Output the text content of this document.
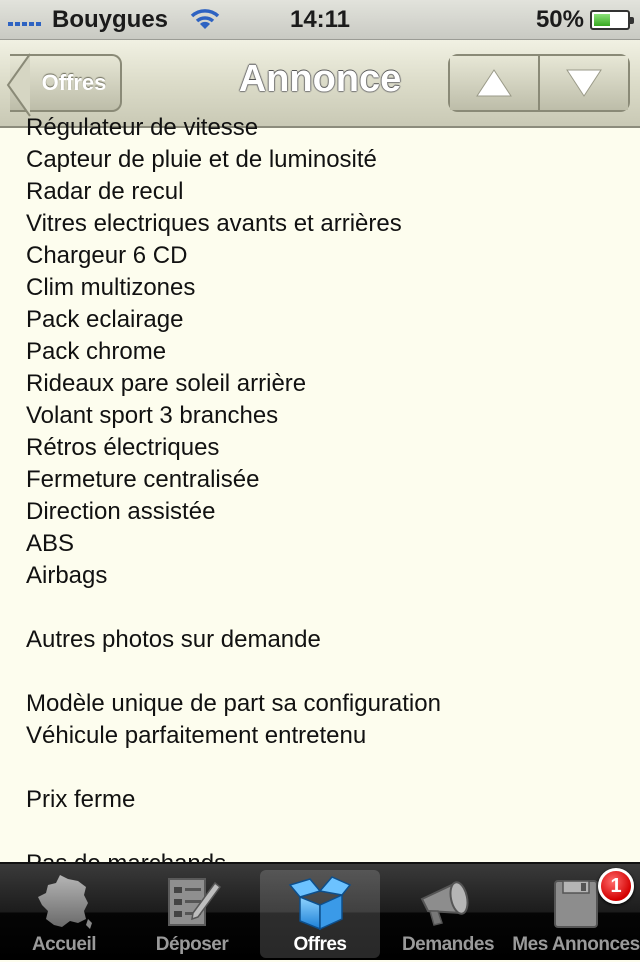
Bouygues	14:11	50%
Offres	Annonce
Régulateur de vitesse
Capteur de pluie et de luminosité
Radar de recul
Vitres electriques avants et arrières
Chargeur 6 CD
Clim multizones
Pack eclairage
Pack chrome
Rideaux pare soleil arrière
Volant sport 3 branches
Rétros électriques
Fermeture centralisée
Direction assistée
ABS
Airbags
Autres photos sur demande
Modèle unique de part sa configuration
Véhicule parfaitement entretenu
Prix ferme
Accueil	Déposer	Offres	Demandes Mes Annonces
1
